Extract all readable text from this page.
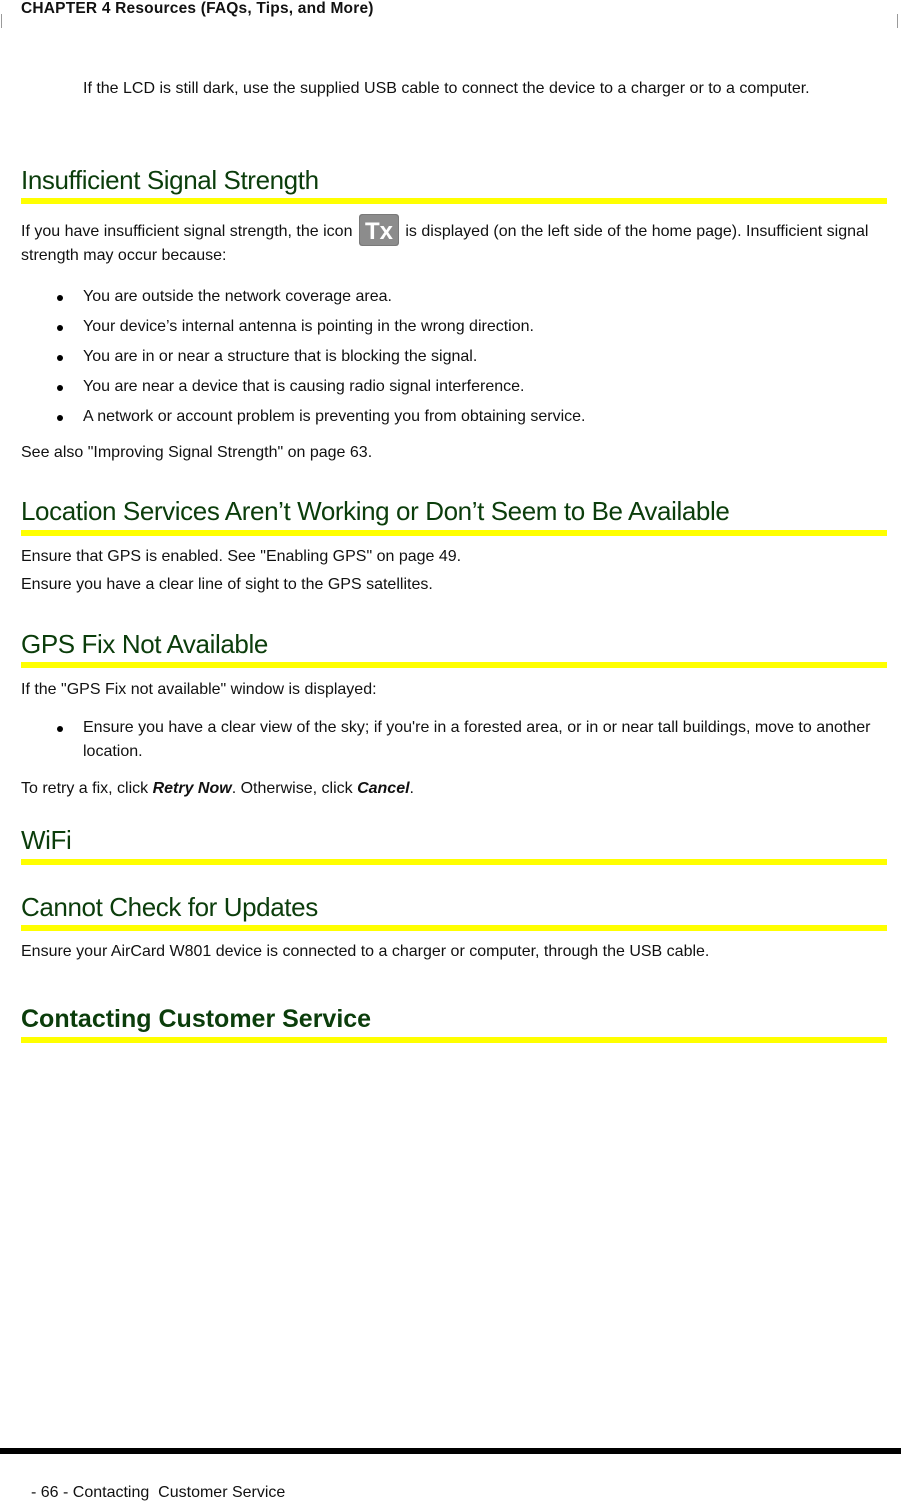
CHAPTER 4 Resources (FAQs, Tips, and More)

If the LCD is still dark, use the supplied USB cable to connect the device to a charger or to a computer.

Insufficient Signal Strength

If you have insufficient signal strength, the icon Tx is displayed (on the left side of the home page). Insufficient signal strength may occur because:

You are outside the network coverage area.
Your device’s internal antenna is pointing in the wrong direction.
You are in or near a structure that is blocking the signal.
You are near a device that is causing radio signal interference.
A network or account problem is preventing you from obtaining service.

See also "Improving Signal Strength" on page 63.

Location Services Aren’t Working or Don’t Seem to Be Available

Ensure that GPS is enabled. See "Enabling GPS" on page 49.

Ensure you have a clear line of sight to the GPS satellites.

GPS Fix Not Available

If the "GPS Fix not available" window is displayed:

Ensure you have a clear view of the sky; if you're in a forested area, or in or near tall buildings, move to another location.

To retry a fix, click Retry Now. Otherwise, click Cancel.

WiFi
Cannot Check for Updates

Ensure your AirCard W801 device is connected to a charger or computer, through the USB cable.

Contacting Customer Service
- 66 - Contacting  Customer Service
